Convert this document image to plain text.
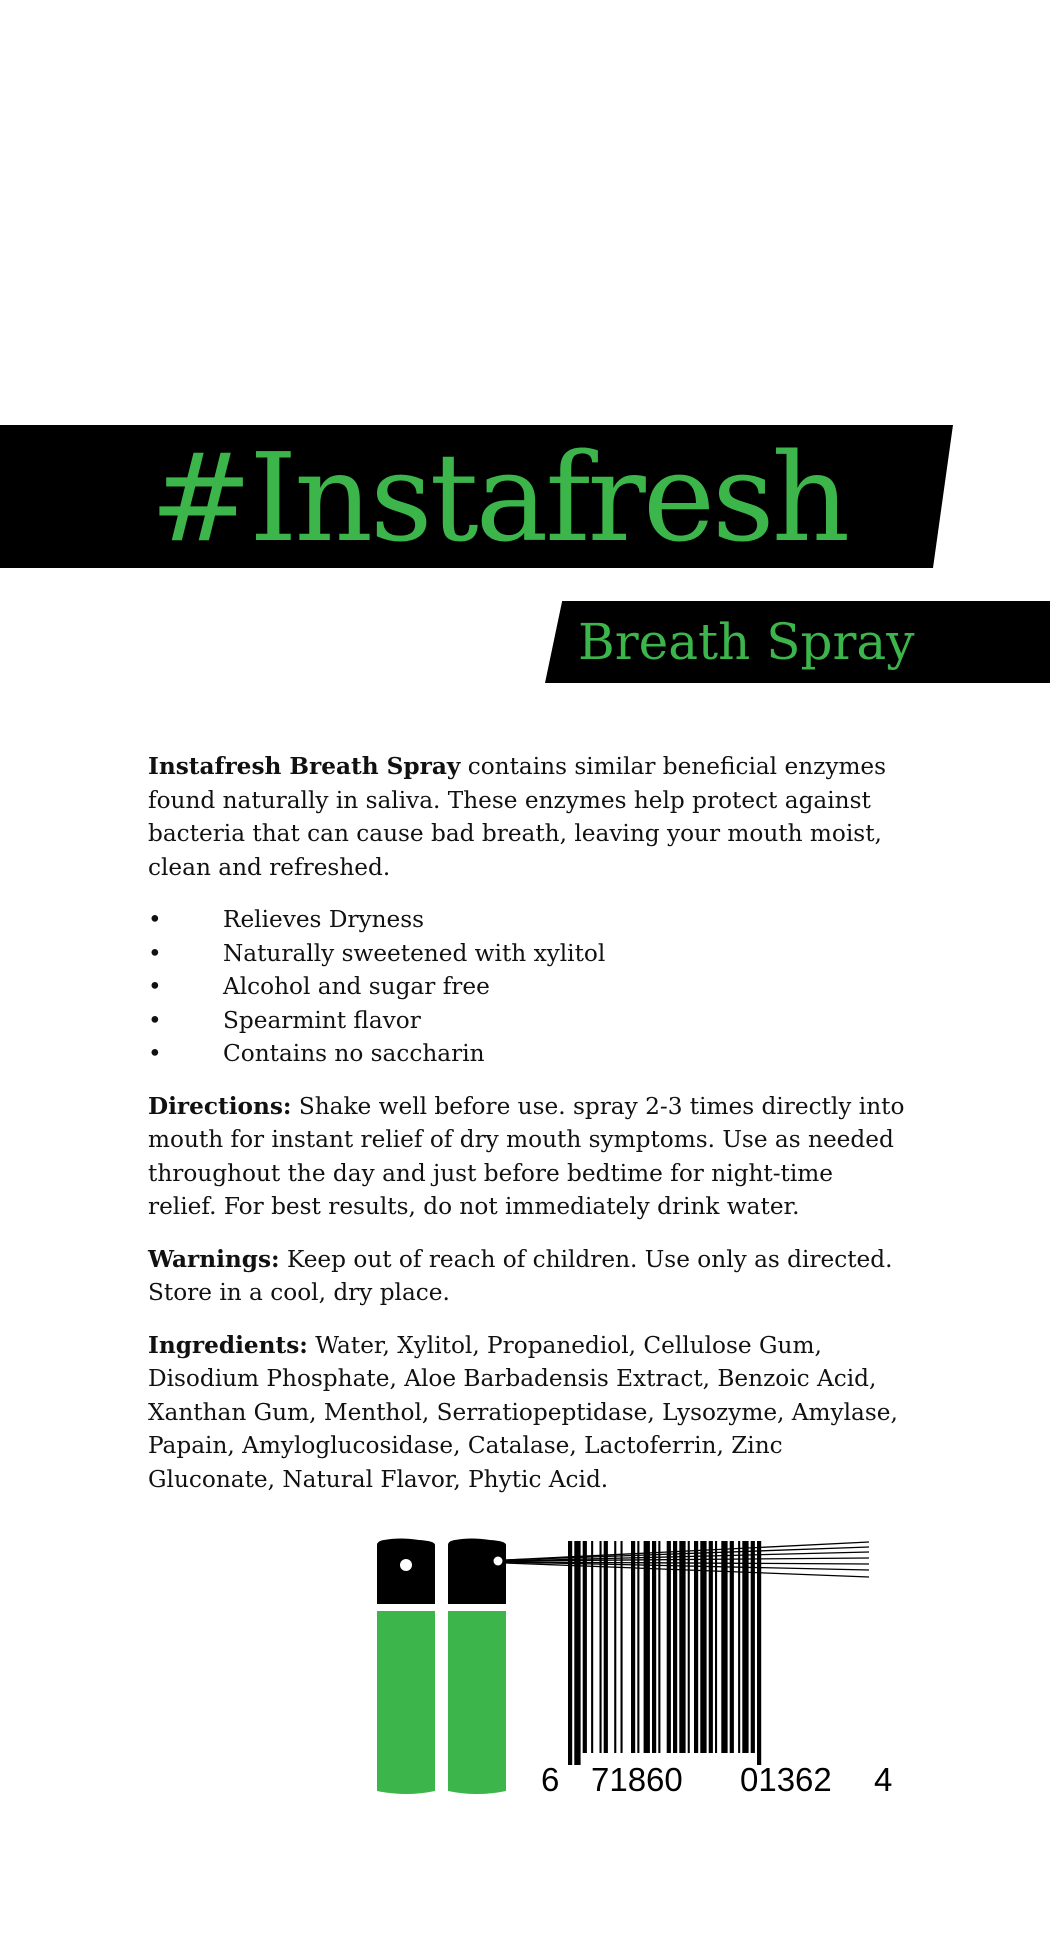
# Instafresh
Breath Spray

Instafresh Breath Spray contains similar beneficial enzymes found naturally in saliva. These enzymes help protect against bacteria that can cause bad breath, leaving your mouth moist, clean and refreshed.

•	Relieves Dryness
•	Naturally sweetened with xylitol
•	Alcohol and sugar free
•	Spearmint flavor
•	Contains no saccharin

Directions: Shake well before use. spray 2-3 times directly into mouth for instant relief of dry mouth symptoms. Use as needed throughout the day and just before bedtime for night-time relief. For best results, do not immediately drink water.

Warnings: Keep out of reach of children. Use only as directed. Store in a cool, dry place.

Ingredients: Water, Xylitol, Propanediol, Cellulose Gum, Disodium Phosphate, Aloe Barbadensis Extract, Benzoic Acid, Xanthan Gum, Menthol, Serratiopeptidase, Lysozyme, Amylase, Papain, Amyloglucosidase, Catalase, Lactoferrin, Zinc Gluconate, Natural Flavor, Phytic Acid.

6 71860 01362 4
